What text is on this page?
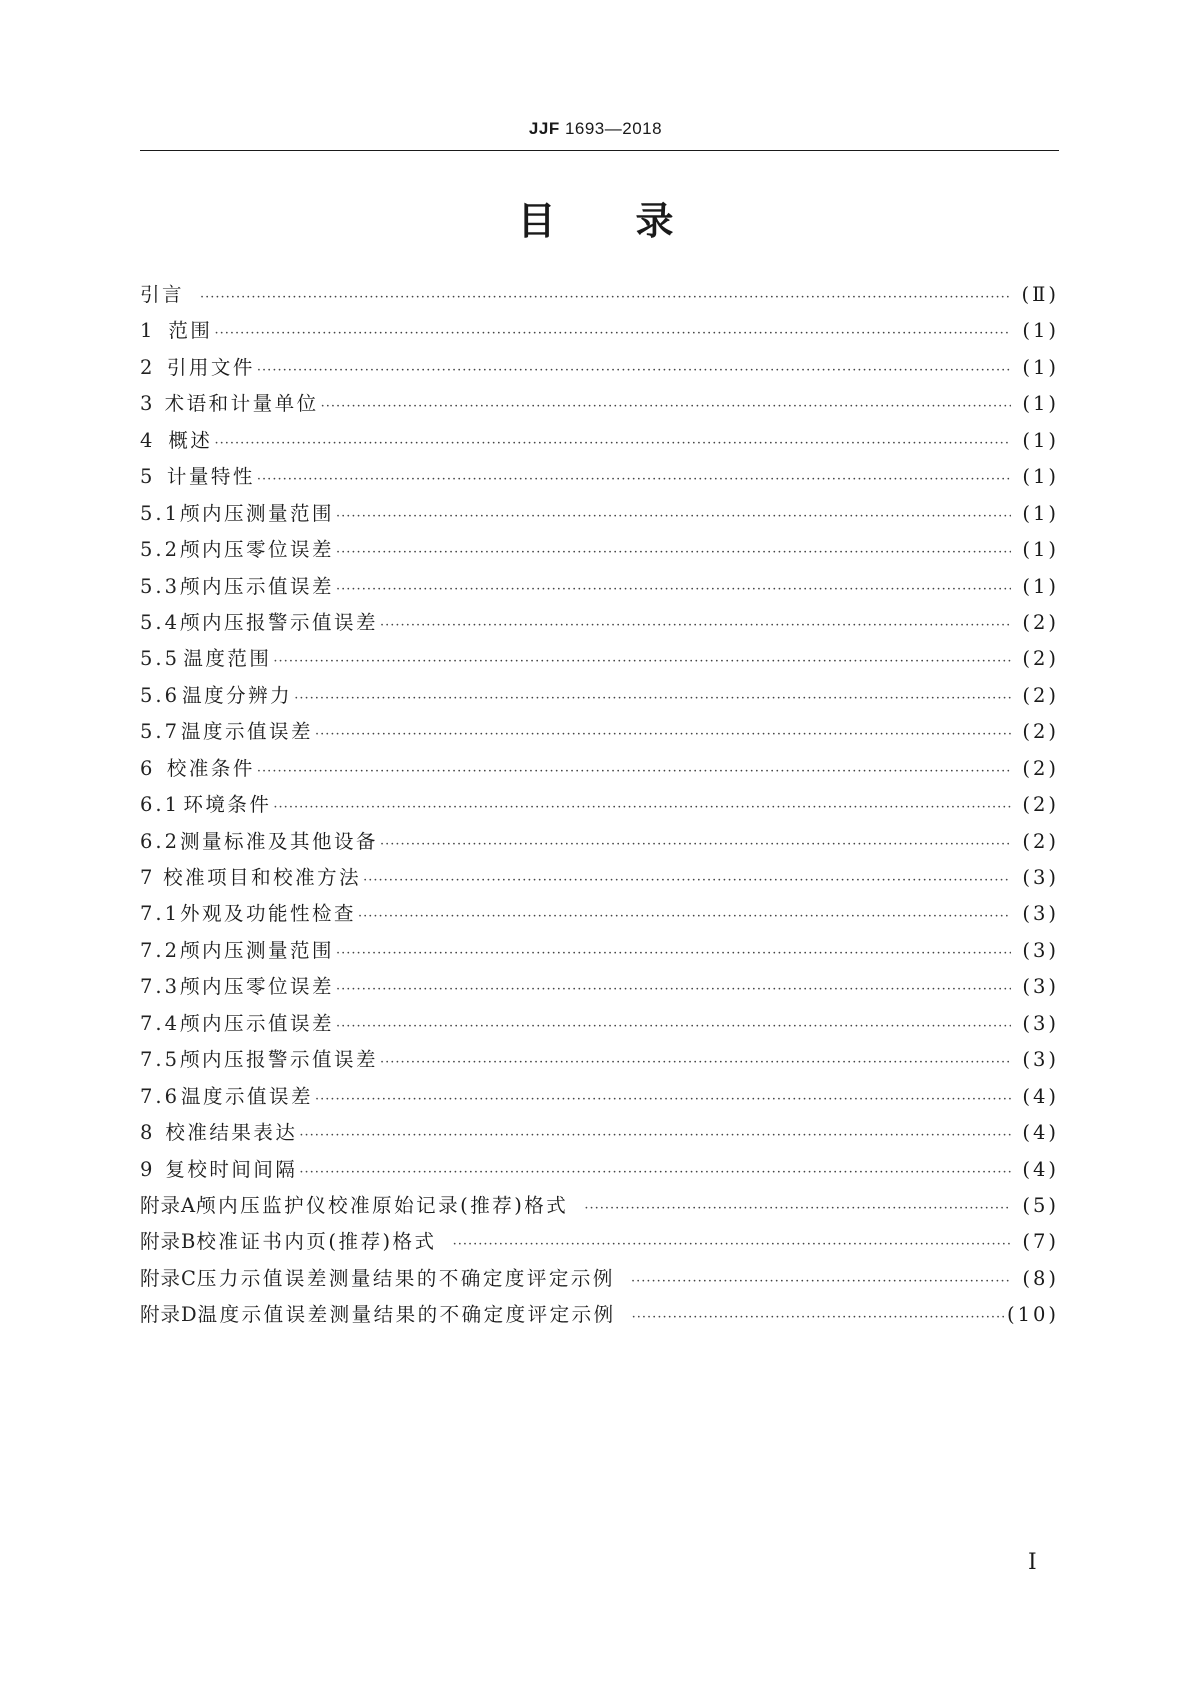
JJF 1693—2018
目 录
引言 ·····	(Ⅱ)
1 范围 ·····	(1)
2 引用文件 ·····	(1)
3 术语和计量单位 ·····	(1)
4 概述 ·····	(1)
5 计量特性 ·····	(1)
5.1 颅内压测量范围 ·····	(1)
5.2 颅内压零位误差 ·····	(1)
5.3 颅内压示值误差 ·····	(1)
5.4 颅内压报警示值误差 ·····	(2)
5.5 温度范围 ·····	(2)
5.6 温度分辨力 ·····	(2)
5.7 温度示值误差 ·····	(2)
6 校准条件 ·····	(2)
6.1 环境条件 ·····	(2)
6.2 测量标准及其他设备 ·····	(2)
7 校准项目和校准方法 ·····	(3)
7.1 外观及功能性检查 ·····	(3)
7.2 颅内压测量范围 ·····	(3)
7.3 颅内压零位误差 ·····	(3)
7.4 颅内压示值误差 ·····	(3)
7.5 颅内压报警示值误差 ·····	(3)
7.6 温度示值误差 ·····	(4)
8 校准结果表达 ·····	(4)
9 复校时间间隔 ·····	(4)
附录A 颅内压监护仪校准原始记录(推荐)格式 ·····	(5)
附录B 校准证书内页(推荐)格式 ·····	(7)
附录C 压力示值误差测量结果的不确定度评定示例 ·····	(8)
附录D 温度示值误差测量结果的不确定度评定示例 ·····	(10)
Ⅰ
